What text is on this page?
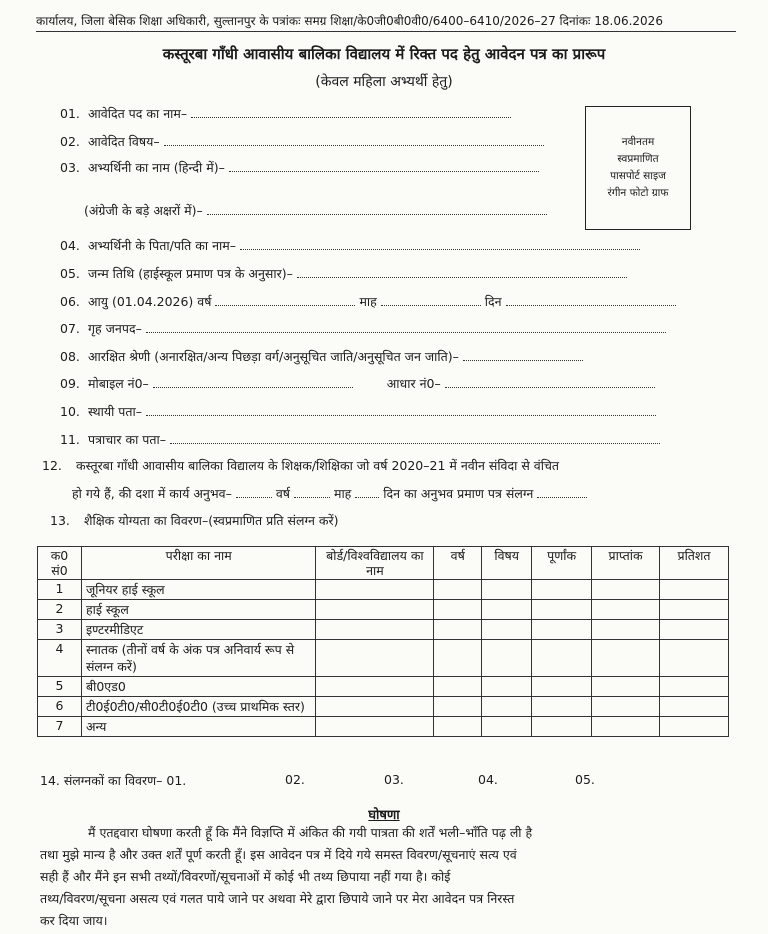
कार्यालय, जिला बेसिक शिक्षा अधिकारी, सुल्तानपुर के पत्रांकः समग्र शिक्षा/के0जी0बी0वी0/6400–6410/2026–27 दिनांकः 18.06.2026
कस्तूरबा गाँधी आवासीय बालिका विद्यालय में रिक्त पद हेतु आवेदन पत्र का प्रारूप
(केवल महिला अभ्यर्थी हेतु)
नवीनतम
स्वप्रमाणित
पासपोर्ट साइज
रंगीन फोटो ग्राफ
01. आवेदित पद का नाम–
02. आवेदित विषय–
03. अभ्यर्थिनी का नाम (हिन्दी में)–
(अंग्रेजी के बड़े अक्षरों में)–
04. अभ्यर्थिनी के पिता/पति का नाम–
05. जन्म तिथि (हाईस्कूल प्रमाण पत्र के अनुसार)–
06. आयु (01.04.2026) वर्ष	माह	दिन
07. गृह जनपद–
08. आरक्षित श्रेणी (अनारक्षित/अन्य पिछड़ा वर्ग/अनुसूचित जाति/अनुसूचित जन जाति)–
09. मोबाइल नं0–	आधार नं0–
10. स्थायी पता–
11. पत्राचार का पता–
12. कस्तूरबा गाँधी आवासीय बालिका विद्यालय के शिक्षक/शिक्षिका जो वर्ष 2020–21 में नवीन संविदा से वंचित
हो गये हैं, की दशा में कार्य अनुभव–	वर्ष	माह	दिन का अनुभव प्रमाण पत्र संलग्न
13. शैक्षिक योग्यता का विवरण–(स्वप्रमाणित प्रति संलग्न करें)
क0 सं0	परीक्षा का नाम	बोर्ड/विश्वविद्यालय का नाम	वर्ष	विषय	पूर्णांक	प्राप्तांक	प्रतिशत
1	जूनियर हाई स्कूल						
2	हाई स्कूल						
3	इण्टरमीडिएट						
4	स्नातक (तीनों वर्ष के अंक पत्र अनिवार्य रूप से संलग्न करें)						
5	बी0एड0						
6	टी0ई0टी0/सी0टी0ई0टी0 (उच्च प्राथमिक स्तर)						
7	अन्य						
14. संलग्नकों का विवरण– 01.	02.	03.	04.	05.
घोषणा
मैं एतद्दवारा घोषणा करती हूँ कि मैंने विज्ञप्ति में अंकित की गयी पात्रता की शर्तें भली–भाँति पढ़ ली है
तथा मुझे मान्य है और उक्त शर्तें पूर्ण करती हूँ। इस आवेदन पत्र में दिये गये समस्त विवरण/सूचनाएं सत्य एवं
सही हैं और मैंने इन सभी तथ्यों/विवरणों/सूचनाओं में कोई भी तथ्य छिपाया नहीं गया है। कोई
तथ्य/विवरण/सूचना असत्य एवं गलत पाये जाने पर अथवा मेरे द्वारा छिपाये जाने पर मेरा आवेदन पत्र निरस्त
कर दिया जाय।
